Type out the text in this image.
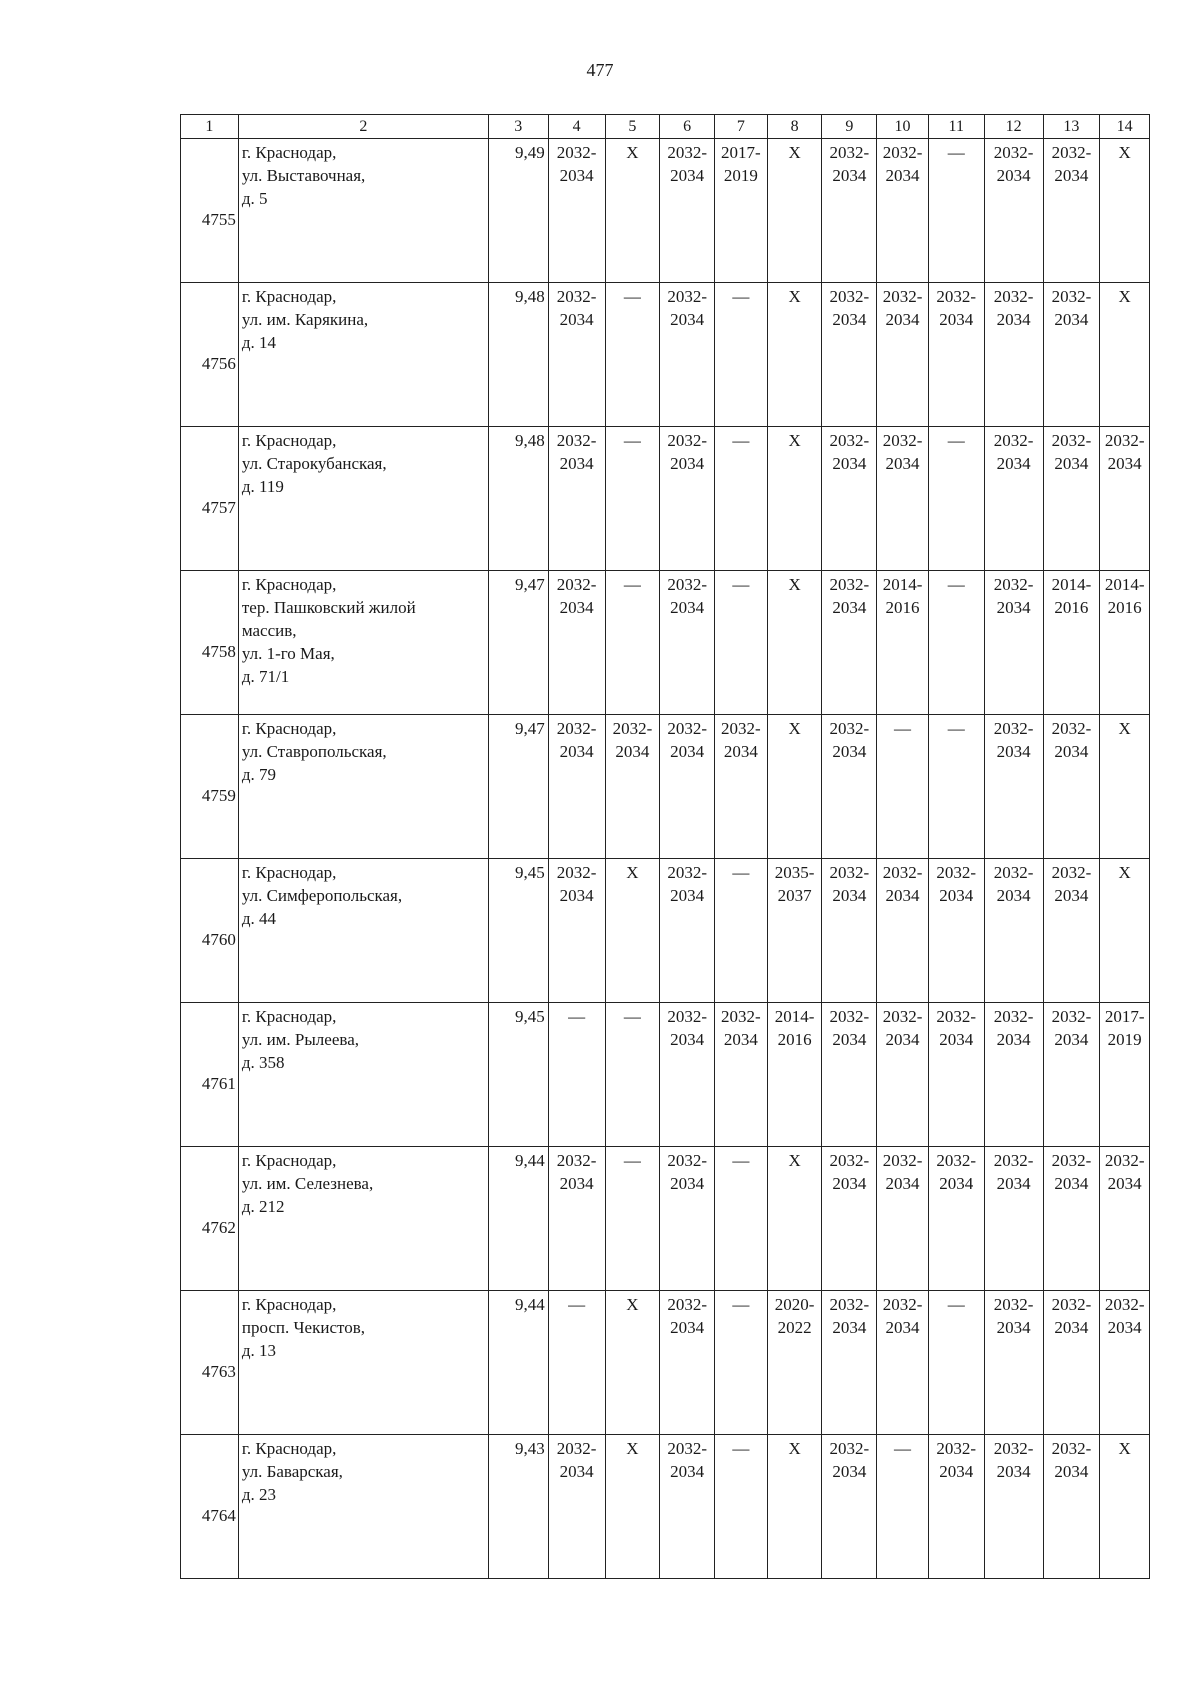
477
1	2	3	4	5	6	7	8	9	10	11	12	13	14
4755	г. Краснодар,
ул. Выставочная,
д. 5	9,49	2032-
2034	Х	2032-
2034	2017-
2019	Х	2032-
2034	2032-
2034	—	2032-
2034	2032-
2034	Х
4756	г. Краснодар,
ул. им. Карякина,
д. 14	9,48	2032-
2034	—	2032-
2034	—	Х	2032-
2034	2032-
2034	2032-
2034	2032-
2034	2032-
2034	Х
4757	г. Краснодар,
ул. Старокубанская,
д. 119	9,48	2032-
2034	—	2032-
2034	—	Х	2032-
2034	2032-
2034	—	2032-
2034	2032-
2034	2032-
2034
4758	г. Краснодар,
тер. Пашковский жилой
массив,
ул. 1-го Мая,
д. 71/1	9,47	2032-
2034	—	2032-
2034	—	Х	2032-
2034	2014-
2016	—	2032-
2034	2014-
2016	2014-
2016
4759	г. Краснодар,
ул. Ставропольская,
д. 79	9,47	2032-
2034	2032-
2034	2032-
2034	2032-
2034	Х	2032-
2034	—	—	2032-
2034	2032-
2034	Х
4760	г. Краснодар,
ул. Симферопольская,
д. 44	9,45	2032-
2034	Х	2032-
2034	—	2035-
2037	2032-
2034	2032-
2034	2032-
2034	2032-
2034	2032-
2034	Х
4761	г. Краснодар,
ул. им. Рылеева,
д. 358	9,45	—	—	2032-
2034	2032-
2034	2014-
2016	2032-
2034	2032-
2034	2032-
2034	2032-
2034	2032-
2034	2017-
2019
4762	г. Краснодар,
ул. им. Селезнева,
д. 212	9,44	2032-
2034	—	2032-
2034	—	Х	2032-
2034	2032-
2034	2032-
2034	2032-
2034	2032-
2034	2032-
2034
4763	г. Краснодар,
просп. Чекистов,
д. 13	9,44	—	Х	2032-
2034	—	2020-
2022	2032-
2034	2032-
2034	—	2032-
2034	2032-
2034	2032-
2034
4764	г. Краснодар,
ул. Баварская,
д. 23	9,43	2032-
2034	Х	2032-
2034	—	Х	2032-
2034	—	2032-
2034	2032-
2034	2032-
2034	Х
